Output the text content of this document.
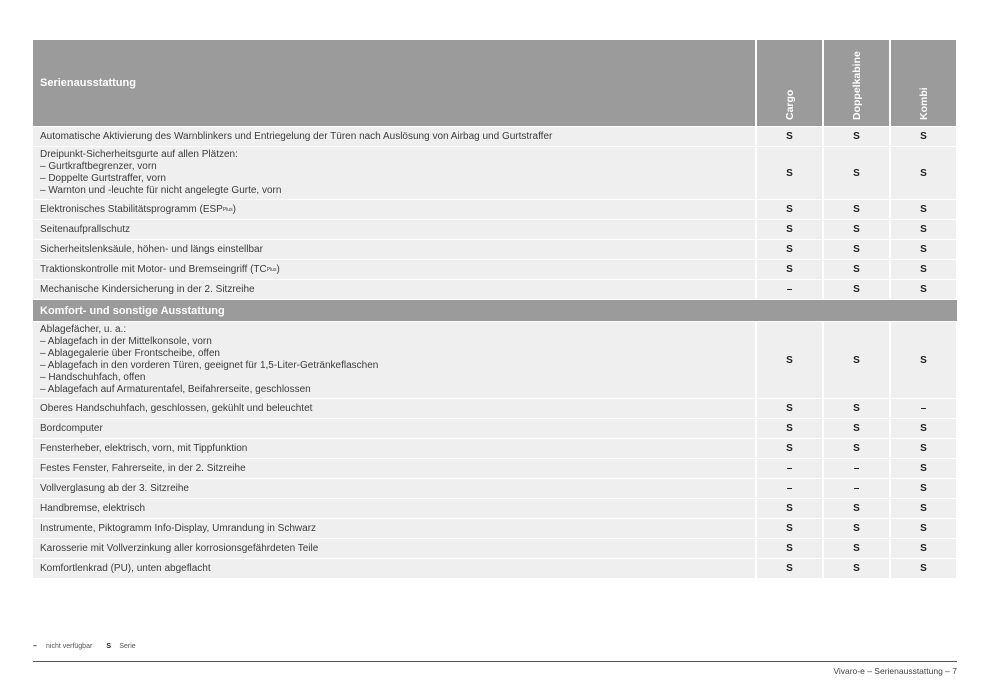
Serienausstattung
Cargo	Doppelkabine	Kombi
Automatische Aktivierung des Warnblinkers und Entriegelung der Türen nach Auslösung von Airbag und Gurtstraffer	S	S	S
Dreipunkt-Sicherheitsgurte auf allen Plätzen:
– Gurtkraftbegrenzer, vorn
– Doppelte Gurtstraffer, vorn
– Warnton und -leuchte für nicht angelegte Gurte, vorn
S	S	S
Elektronisches Stabilitätsprogramm (ESP Plus )	S	S	S
Seitenaufprallschutz	S	S	S
Sicherheitslenksäule, höhen- und längs einstellbar	S	S	S
Traktionskontrolle mit Motor- und Bremseingriff (TC Plus )	S	S	S
Mechanische Kindersicherung in der 2. Sitzreihe	–	S	S
Komfort- und sonstige Ausstattung
Ablagefächer, u. a.:
– Ablagefach in der Mittelkonsole, vorn
– Ablagegalerie über Frontscheibe, offen
– Ablagefach in den vorderen Türen, geeignet für 1,5-Liter-Getränkeflaschen
– Handschuhfach, offen
– Ablagefach auf Armaturentafel, Beifahrerseite, geschlossen
S	S	S
Oberes Handschuhfach, geschlossen, gekühlt und beleuchtet	S	S	–
Bordcomputer	S	S	S
Fensterheber, elektrisch, vorn, mit Tippfunktion	S	S	S
Festes Fenster, Fahrerseite, in der 2. Sitzreihe	–	–	S
Vollverglasung ab der 3. Sitzreihe	–	–	S
Handbremse, elektrisch	S	S	S
Instrumente, Piktogramm Info-Display, Umrandung in Schwarz	S	S	S
Karosserie mit Vollverzinkung aller korrosionsgefährdeten Teile	S	S	S
Komfortlenkrad (PU), unten abgeflacht	S	S	S
–	nicht verfügbar S	Serie
Vivaro-e – Serienausstattung – 7
